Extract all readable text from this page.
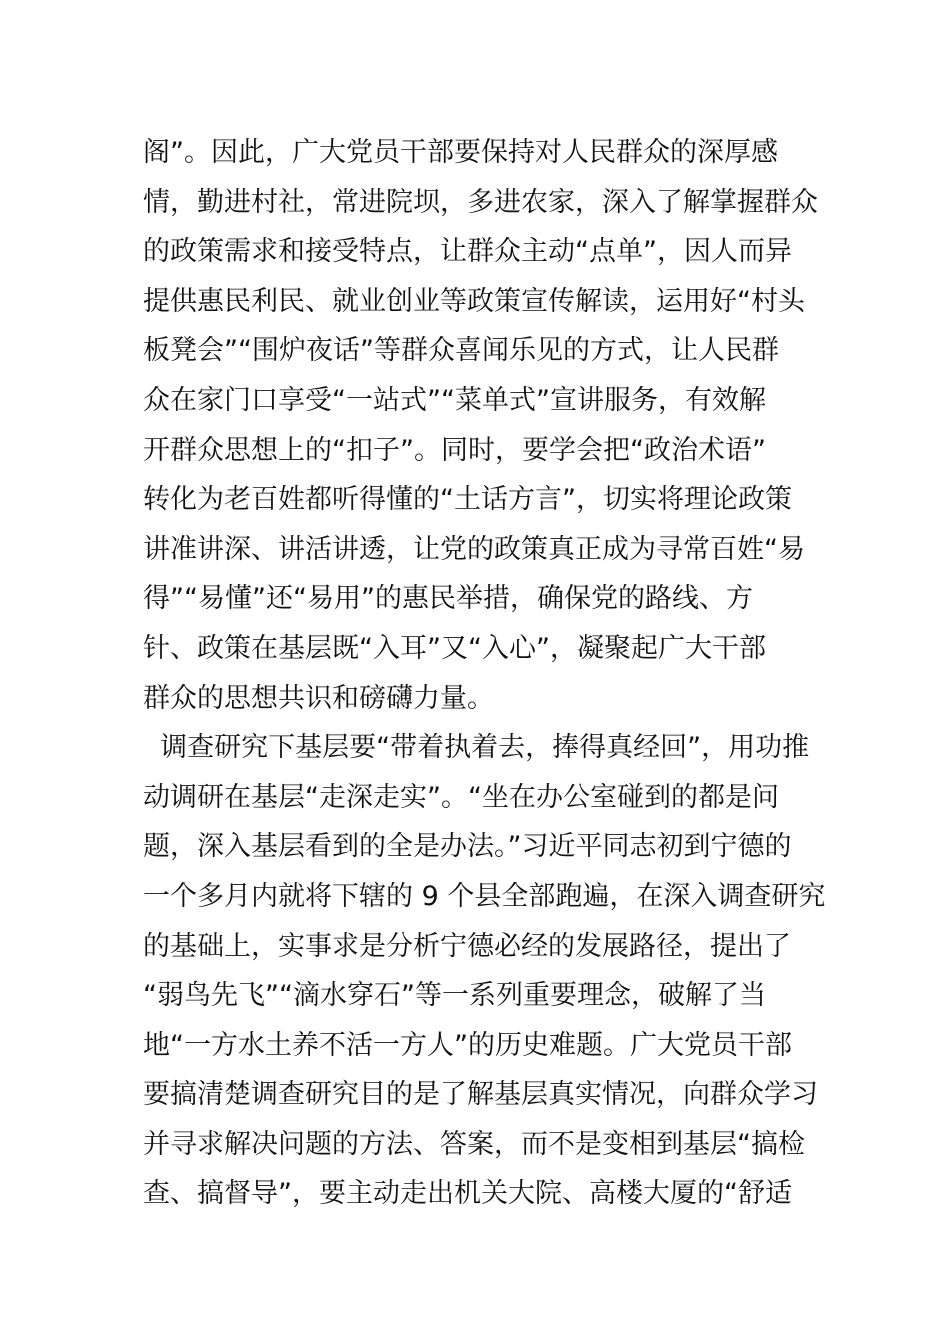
阁”。因此，广大党员干部要保持对人民群众的深厚感
情，勤进村社，常进院坝，多进农家，深入了解掌握群众
的政策需求和接受特点，让群众主动“点单”，因人而异
提供惠民利民、就业创业等政策宣传解读，运用好“村头
板凳会”“围炉夜话”等群众喜闻乐见的方式，让人民群
众在家门口享受“一站式”“菜单式”宣讲服务，有效解
开群众思想上的“扣子”。同时，要学会把“政治术语”
转化为老百姓都听得懂的“土话方言”，切实将理论政策
讲准讲深、讲活讲透，让党的政策真正成为寻常百姓“易
得”“易懂”还“易用”的惠民举措，确保党的路线、方
针、政策在基层既“入耳”又“入心”，凝聚起广大干部
群众的思想共识和磅礴力量。
调查研究下基层要“带着执着去，捧得真经回”，用功推
动调研在基层“走深走实”。“坐在办公室碰到的都是问
题，深入基层看到的全是办法。”习近平同志初到宁德的
一个多月内就将下辖的 9 个县全部跑遍，在深入调查研究
的基础上，实事求是分析宁德必经的发展路径，提出了
“弱鸟先飞”“滴水穿石”等一系列重要理念，破解了当
地“一方水土养不活一方人”的历史难题。广大党员干部
要搞清楚调查研究目的是了解基层真实情况，向群众学习
并寻求解决问题的方法、答案，而不是变相到基层“搞检
查、搞督导”，要主动走出机关大院、高楼大厦的“舒适
